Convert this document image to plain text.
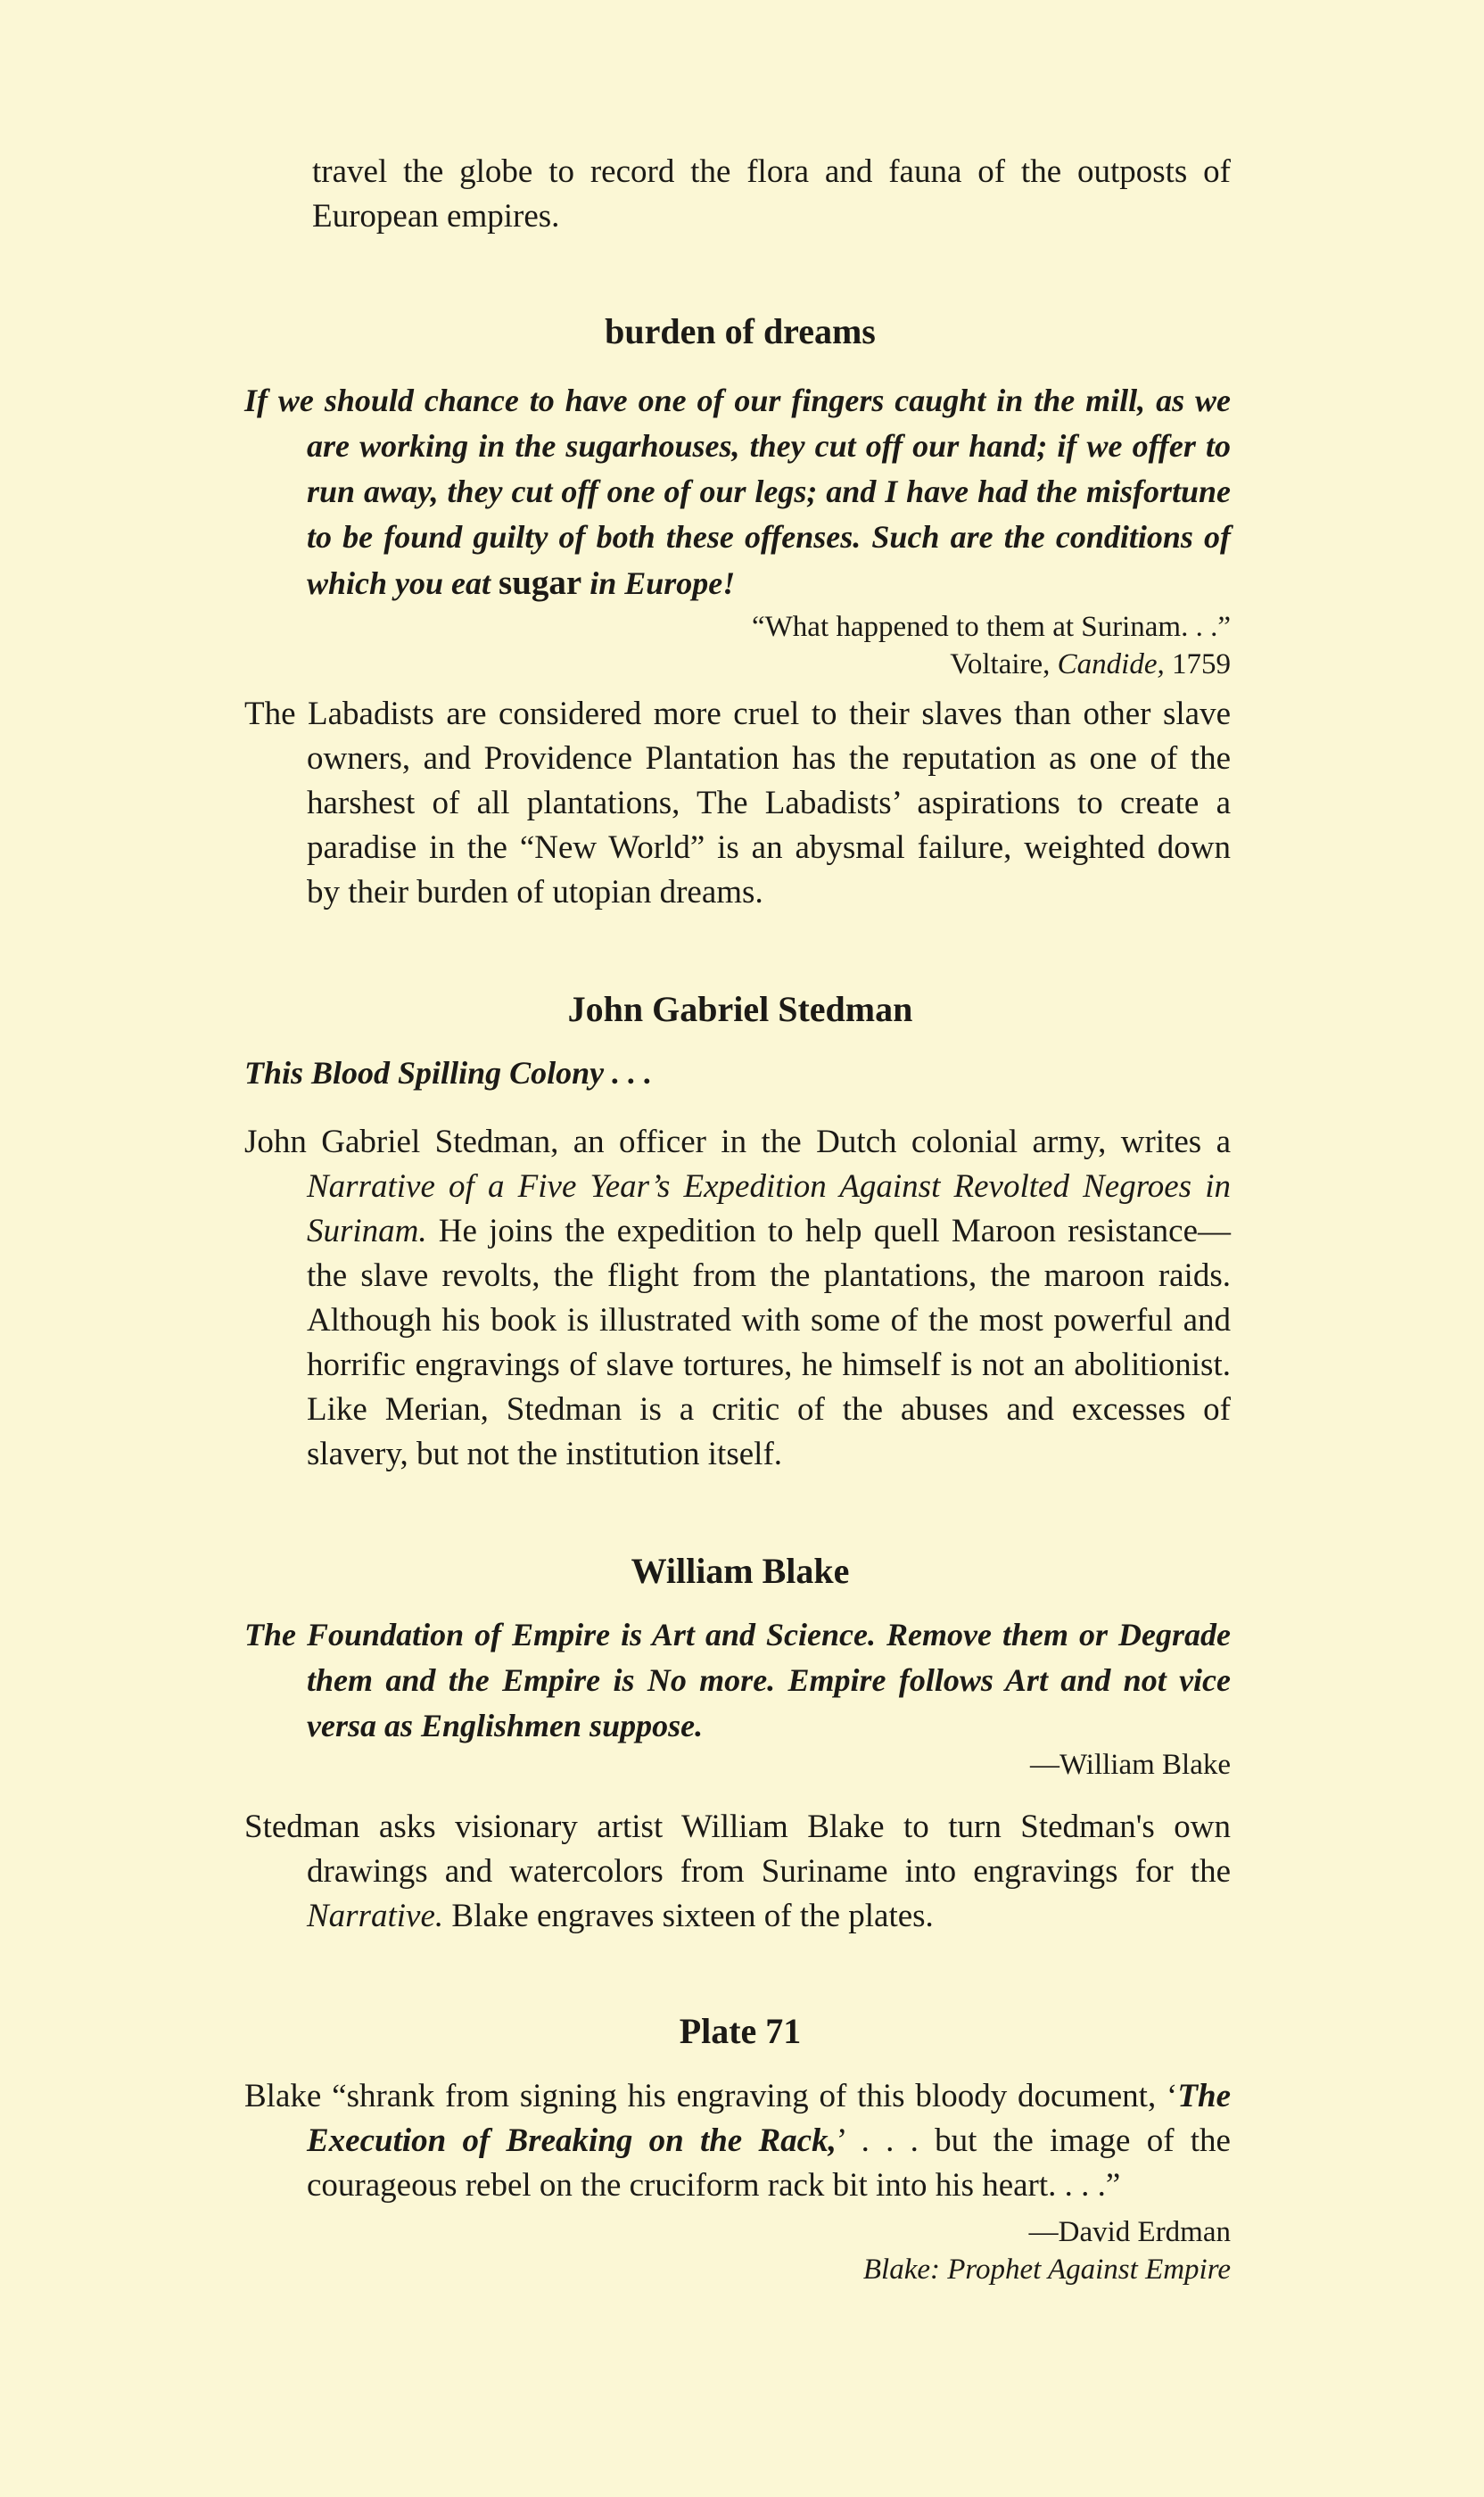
travel the globe to record the flora and fauna of the outposts of European empires.

burden of dreams

If we should chance to have one of our fingers caught in the mill, as we are working in the sugarhouses, they cut off our hand; if we offer to run away, they cut off one of our legs; and I have had the misfortune to be found guilty of both these offenses. Such are the conditions of which you eat sugar in Europe!

“What happened to them at Surinam. . .”
Voltaire, Candide, 1759

The Labadists are considered more cruel to their slaves than other slave owners, and Providence Plantation has the reputation as one of the harshest of all plantations, The Labadists’ aspirations to create a paradise in the “New World” is an abysmal failure, weighted down by their burden of utopian dreams.

John Gabriel Stedman
This Blood Spilling Colony . . .

John Gabriel Stedman, an officer in the Dutch colonial army, writes a Narrative of a Five Year’s Expedition Against Revolted Negroes in Surinam. He joins the expedition to help quell Maroon resistance—the slave revolts, the flight from the plantations, the maroon raids. Although his book is illustrated with some of the most powerful and horrific engravings of slave tortures, he himself is not an abolitionist. Like Merian, Stedman is a critic of the abuses and excesses of slavery, but not the institution itself.

William Blake

The Foundation of Empire is Art and Science. Remove them or Degrade them and the Empire is No more. Empire follows Art and not vice versa as Englishmen suppose.

—William Blake

Stedman asks visionary artist William Blake to turn Stedman's own drawings and watercolors from Suriname into engravings for the Narrative. Blake engraves sixteen of the plates.

Plate 71

Blake “shrank from signing his engraving of this bloody document, ‘The Execution of Breaking on the Rack,’ . . . but the image of the courageous rebel on the cruciform rack bit into his heart. . . .”

—David Erdman
Blake: Prophet Against Empire
